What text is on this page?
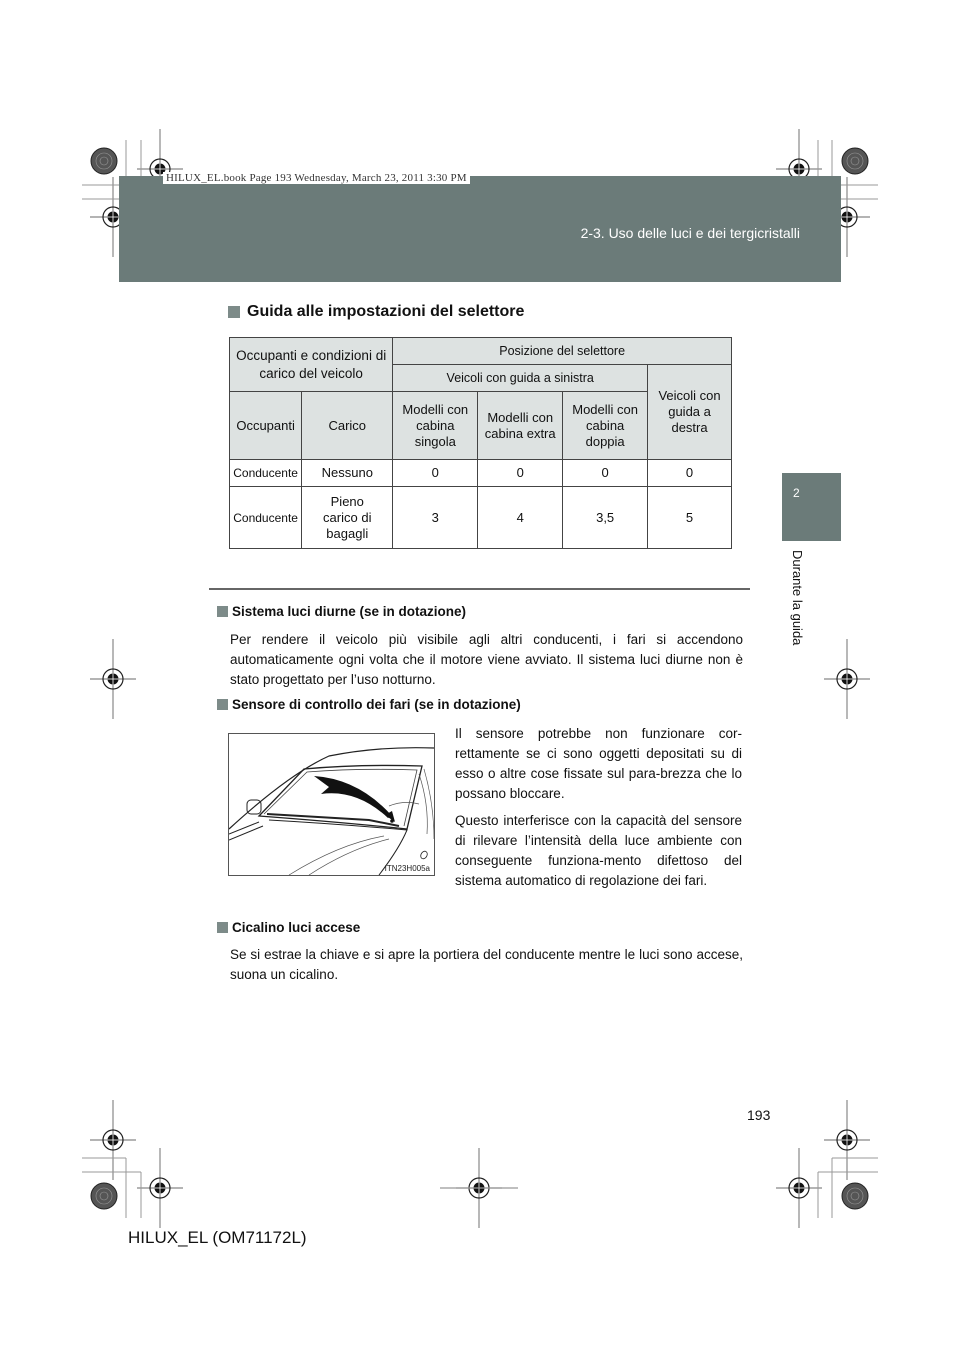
HILUX_EL.book Page 193 Wednesday, March 23, 2011 3:30 PM
2-3. Uso delle luci e dei tergicristalli
2
Durante la guida
Guida alle impostazioni del selettore
Occupanti e condizioni di carico del veicolo		Posizione del selettore			
		Veicoli con guida a sinistra			Veicoli con guida a destra
Occupanti	Carico	Modelli con cabina singola	Modelli con cabina extra	Modelli con cabina doppia	
Conducente	Nessuno	0	0	0	0
Conducente	Pieno carico di bagagli	3	4	3,5	5
Sistema luci diurne (se in dotazione)
Per rendere il veicolo più visibile agli altri conducenti, i fari si accendono automaticamente ogni volta che il motore viene avviato. Il sistema luci diurne non è stato progettato per l’uso notturno.
Sensore di controllo dei fari (se in dotazione)
ITN23H005a
Il sensore potrebbe non funzionare cor-rettamente se ci sono oggetti depositati su di esso o altre cose fissate sul para-brezza che lo possano bloccare.
Questo interferisce con la capacità del sensore di rilevare l’intensità della luce ambiente con conseguente funziona-mento difettoso del sistema automatico di regolazione dei fari.
Cicalino luci accese
Se si estrae la chiave e si apre la portiera del conducente mentre le luci sono accese, suona un cicalino.
193
HILUX_EL (OM71172L)
